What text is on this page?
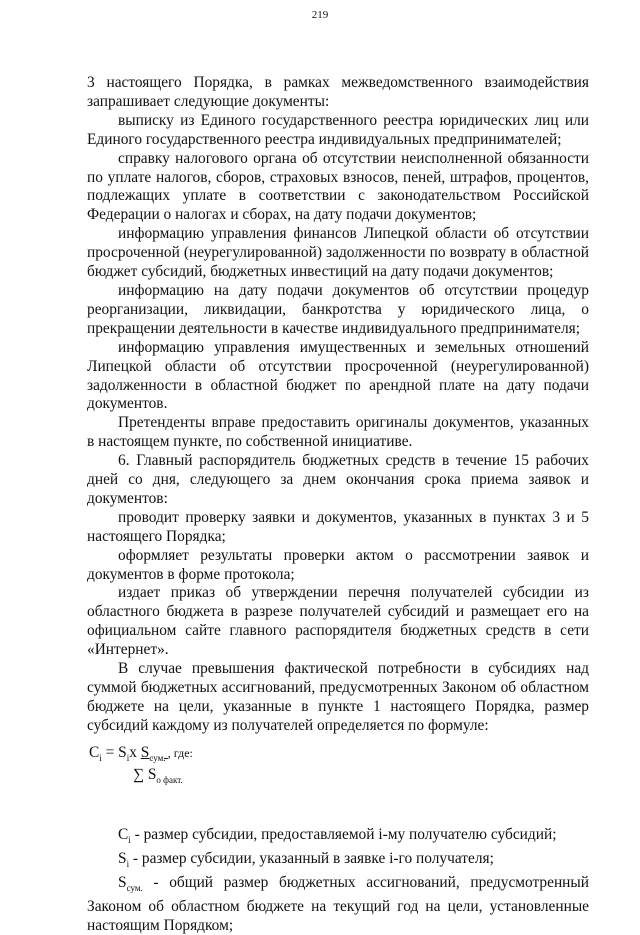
219

3 настоящего Порядка, в рамках межведомственного взаимодействия запрашивает следующие документы:

выписку из Единого государственного реестра юридических лиц или Единого государственного реестра индивидуальных предпринимателей;

справку налогового органа об отсутствии неисполненной обязанности по уплате налогов, сборов, страховых взносов, пеней, штрафов, процентов, подлежащих уплате в соответствии с законодательством Российской Федерации о налогах и сборах, на дату подачи документов;

информацию управления финансов Липецкой области об отсутствии просроченной (неурегулированной) задолженности по возврату в областной бюджет субсидий, бюджетных инвестиций на дату подачи документов;

информацию на дату подачи документов об отсутствии процедур реорганизации, ликвидации, банкротства у юридического лица, о прекращении деятельности в качестве индивидуального предпринимателя;

информацию управления имущественных и земельных отношений Липецкой области об отсутствии просроченной (неурегулированной) задолженности в областной бюджет по арендной плате на дату подачи документов.

Претенденты вправе предоставить оригиналы документов, указанных в настоящем пункте, по собственной инициативе.

6. Главный распорядитель бюджетных средств в течение 15 рабочих дней со дня, следующего за днем окончания срока приема заявок и документов:

проводит проверку заявки и документов, указанных в пунктах 3 и 5 настоящего Порядка;

оформляет результаты проверки актом о рассмотрении заявок и документов в форме протокола;

издает приказ об утверждении перечня получателей субсидии из областного бюджета в разрезе получателей субсидий и размещает его на официальном сайте главного распорядителя бюджетных средств в сети «Интернет».

В случае превышения фактической потребности в субсидиях над суммой бюджетных ассигнований, предусмотренных Законом об областном бюджете на цели, указанные в пункте 1 настоящего Порядка, размер субсидий каждому из получателей определяется по формуле:

$C_i = S_ix$ $S_{сум.}$ , где:
∑ $S_{о факт.}$

$C_i$ - размер субсидии, предоставляемой i-му получателю субсидий;

$S_i$ - размер субсидии, указанный в заявке i-го получателя;

$S_{сум.}$ - общий размер бюджетных ассигнований, предусмотренный Законом об областном бюджете на текущий год на цели, установленные настоящим Порядком;
